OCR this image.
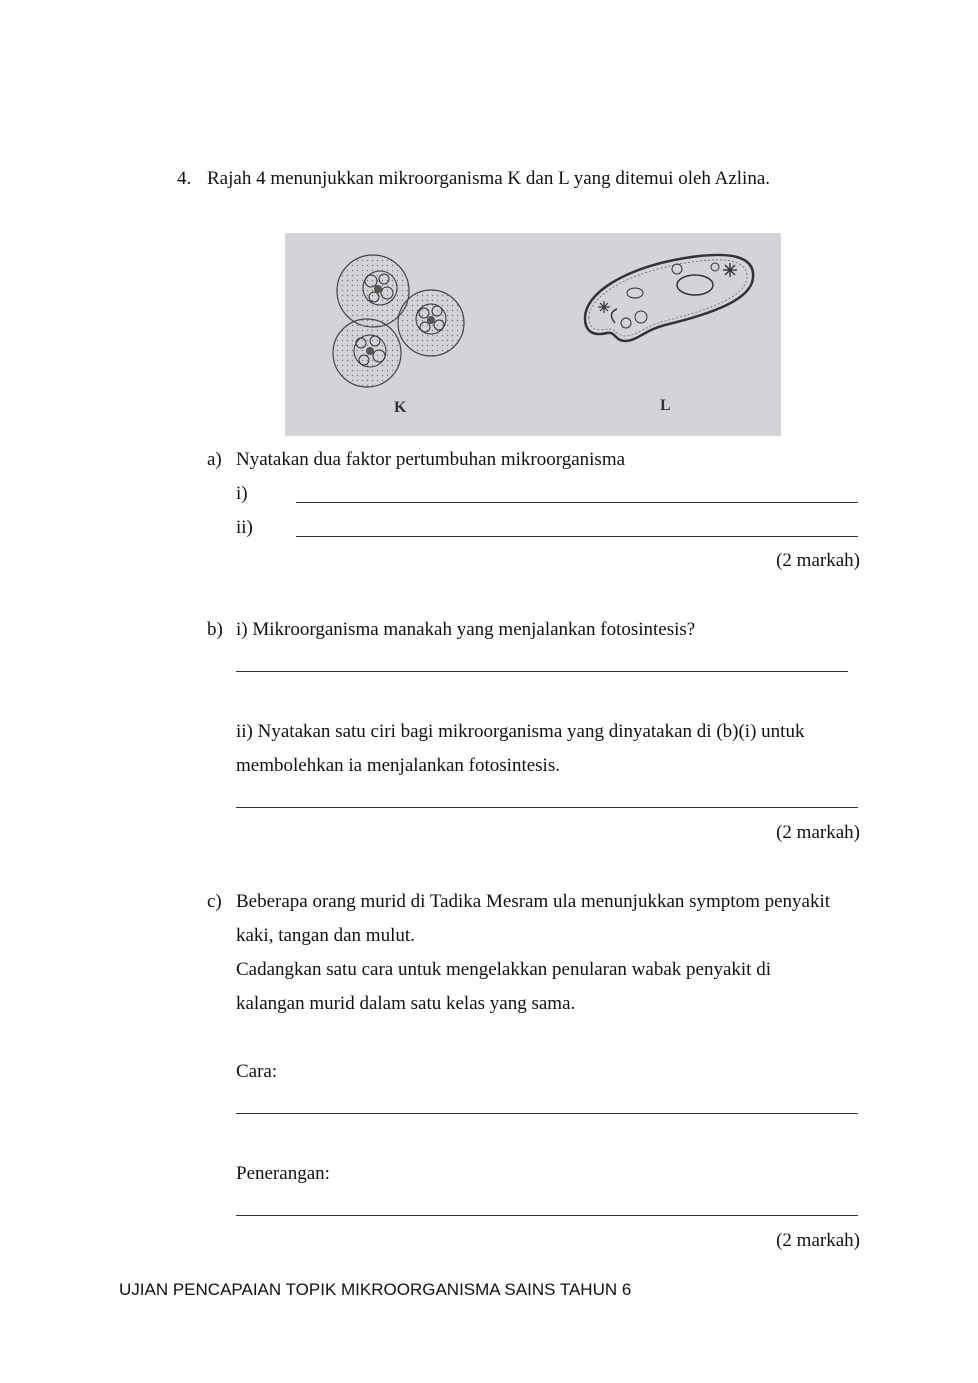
4. Rajah 4 menunjukkan mikroorganisma K dan L yang ditemui oleh Azlina.
K	L
a) Nyatakan dua faktor pertumbuhan mikroorganisma
i)
ii)
(2 markah)
b) i) Mikroorganisma manakah yang menjalankan fotosintesis?
ii) Nyatakan satu ciri bagi mikroorganisma yang dinyatakan di (b)(i) untuk
membolehkan ia menjalankan fotosintesis.
(2 markah)
c) Beberapa orang murid di Tadika Mesram ula menunjukkan symptom penyakit
kaki, tangan dan mulut.
Cadangkan satu cara untuk mengelakkan penularan wabak penyakit di
kalangan murid dalam satu kelas yang sama.
Cara:
Penerangan:
(2 markah)
UJIAN PENCAPAIAN TOPIK MIKROORGANISMA SAINS TAHUN 6
